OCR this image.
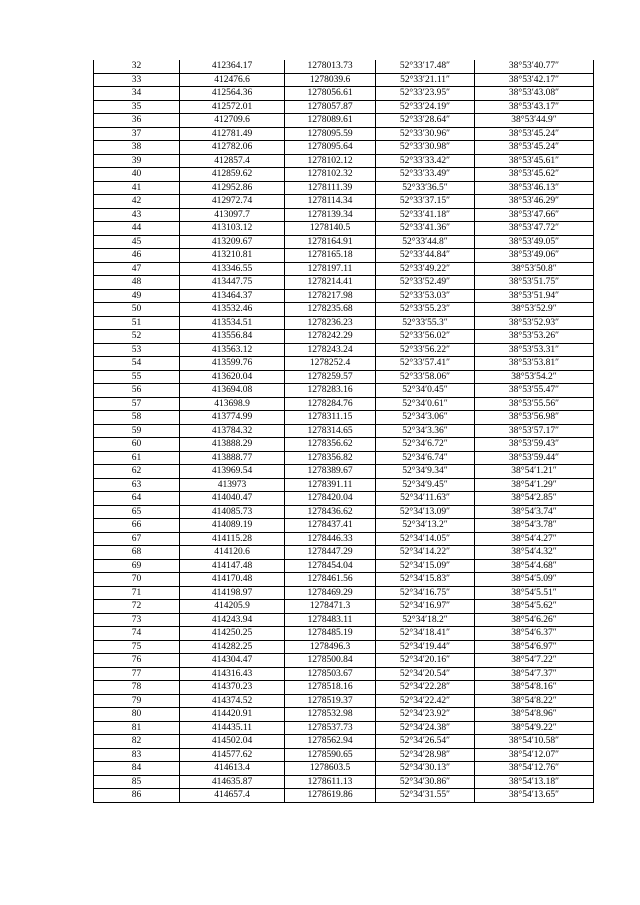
32	412364.17	1278013.73	52°33′17.48″	38°53′40.77″
33	412476.6	1278039.6	52°33′21.11″	38°53′42.17″
34	412564.36	1278056.61	52°33′23.95″	38°53′43.08″
35	412572.01	1278057.87	52°33′24.19″	38°53′43.17″
36	412709.6	1278089.61	52°33′28.64″	38°53′44.9″
37	412781.49	1278095.59	52°33′30.96″	38°53′45.24″
38	412782.06	1278095.64	52°33′30.98″	38°53′45.24″
39	412857.4	1278102.12	52°33′33.42″	38°53′45.61″
40	412859.62	1278102.32	52°33′33.49″	38°53′45.62″
41	412952.86	1278111.39	52°33′36.5″	38°53′46.13″
42	412972.74	1278114.34	52°33′37.15″	38°53′46.29″
43	413097.7	1278139.34	52°33′41.18″	38°53′47.66″
44	413103.12	1278140.5	52°33′41.36″	38°53′47.72″
45	413209.67	1278164.91	52°33′44.8″	38°53′49.05″
46	413210.81	1278165.18	52°33′44.84″	38°53′49.06″
47	413346.55	1278197.11	52°33′49.22″	38°53′50.8″
48	413447.75	1278214.41	52°33′52.49″	38°53′51.75″
49	413464.37	1278217.98	52°33′53.03″	38°53′51.94″
50	413532.46	1278235.68	52°33′55.23″	38°53′52.9″
51	413534.51	1278236.23	52°33′55.3″	38°53′52.93″
52	413556.84	1278242.29	52°33′56.02″	38°53′53.26″
53	413563.12	1278243.24	52°33′56.22″	38°53′53.31″
54	413599.76	1278252.4	52°33′57.41″	38°53′53.81″
55	413620.04	1278259.57	52°33′58.06″	38°53′54.2″
56	413694.08	1278283.16	52°34′0.45″	38°53′55.47″
57	413698.9	1278284.76	52°34′0.61″	38°53′55.56″
58	413774.99	1278311.15	52°34′3.06″	38°53′56.98″
59	413784.32	1278314.65	52°34′3.36″	38°53′57.17″
60	413888.29	1278356.62	52°34′6.72″	38°53′59.43″
61	413888.77	1278356.82	52°34′6.74″	38°53′59.44″
62	413969.54	1278389.67	52°34′9.34″	38°54′1.21″
63	413973	1278391.11	52°34′9.45″	38°54′1.29″
64	414040.47	1278420.04	52°34′11.63″	38°54′2.85″
65	414085.73	1278436.62	52°34′13.09″	38°54′3.74″
66	414089.19	1278437.41	52°34′13.2″	38°54′3.78″
67	414115.28	1278446.33	52°34′14.05″	38°54′4.27″
68	414120.6	1278447.29	52°34′14.22″	38°54′4.32″
69	414147.48	1278454.04	52°34′15.09″	38°54′4.68″
70	414170.48	1278461.56	52°34′15.83″	38°54′5.09″
71	414198.97	1278469.29	52°34′16.75″	38°54′5.51″
72	414205.9	1278471.3	52°34′16.97″	38°54′5.62″
73	414243.94	1278483.11	52°34′18.2″	38°54′6.26″
74	414250.25	1278485.19	52°34′18.41″	38°54′6.37″
75	414282.25	1278496.3	52°34′19.44″	38°54′6.97″
76	414304.47	1278500.84	52°34′20.16″	38°54′7.22″
77	414316.43	1278503.67	52°34′20.54″	38°54′7.37″
78	414370.23	1278518.16	52°34′22.28″	38°54′8.16″
79	414374.52	1278519.37	52°34′22.42″	38°54′8.22″
80	414420.91	1278532.98	52°34′23.92″	38°54′8.96″
81	414435.11	1278537.73	52°34′24.38″	38°54′9.22″
82	414502.04	1278562.94	52°34′26.54″	38°54′10.58″
83	414577.62	1278590.65	52°34′28.98″	38°54′12.07″
84	414613.4	1278603.5	52°34′30.13″	38°54′12.76″
85	414635.87	1278611.13	52°34′30.86″	38°54′13.18″
86	414657.4	1278619.86	52°34′31.55″	38°54′13.65″
